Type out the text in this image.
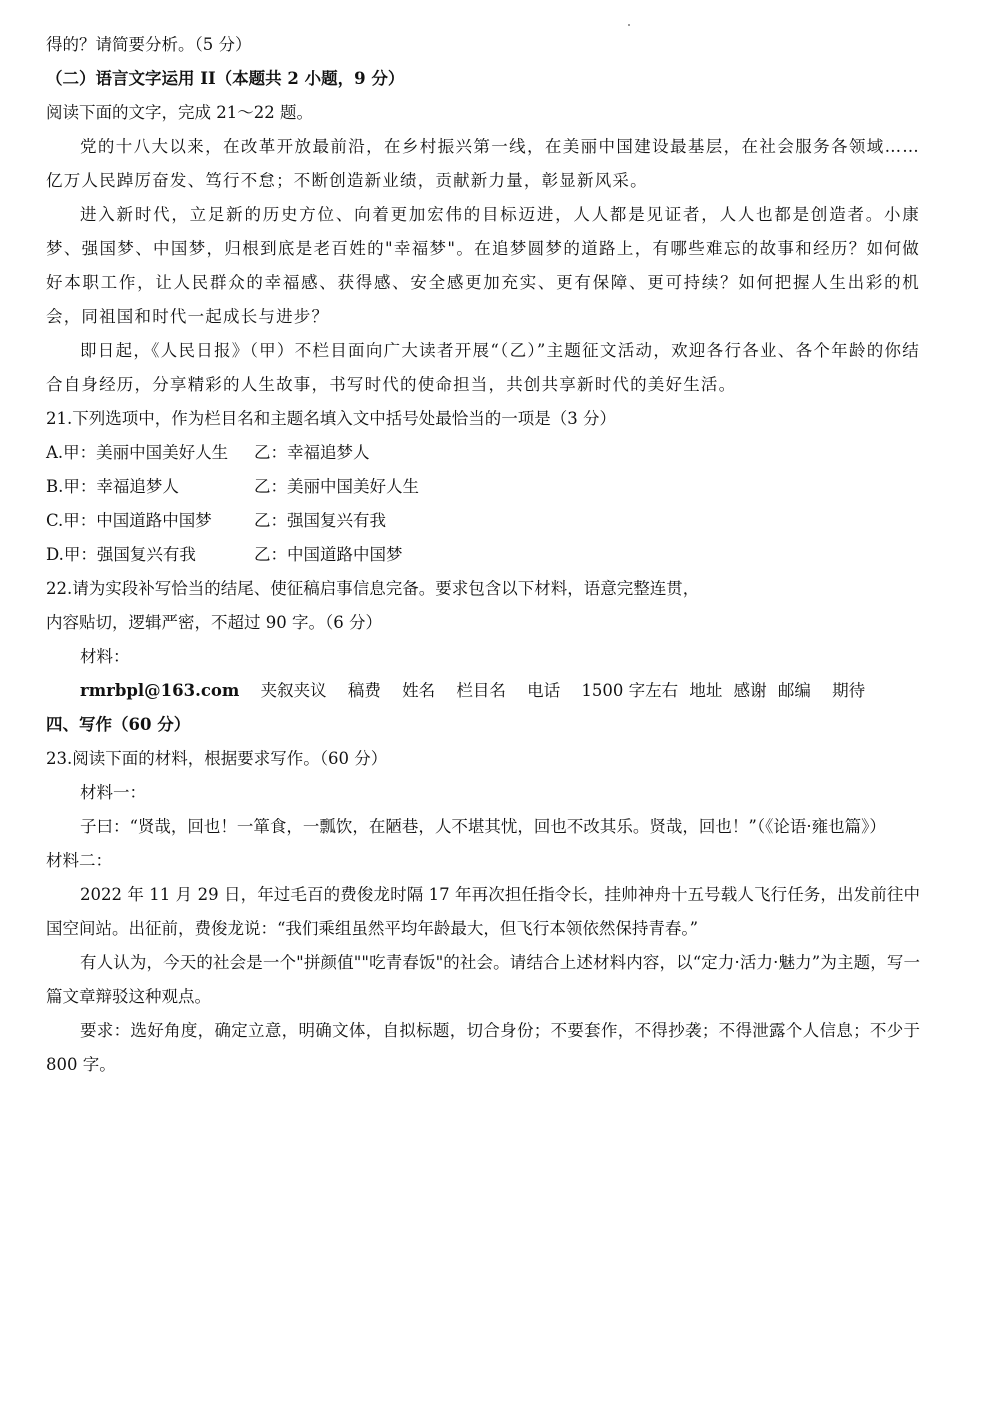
得的？请简要分析。（5 分）
（二）语言文字运用 II（本题共 2 小题，9 分）
阅读下面的文字，完成 21～22 题。
党的十八大以来，在改革开放最前沿，在乡村振兴第一线，在美丽中国建设最基层，在社会服务各领域……亿万人民踔厉奋发、笃行不怠；不断创造新业绩，贡献新力量，彰显新风采。
进入新时代，立足新的历史方位、向着更加宏伟的目标迈进，人人都是见证者，人人也都是创造者。小康梦、强国梦、中国梦，归根到底是老百姓的"幸福梦"。在追梦圆梦的道路上，有哪些难忘的故事和经历？如何做好本职工作，让人民群众的幸福感、获得感、安全感更加充实、更有保障、更可持续？如何把握人生出彩的机会，同祖国和时代一起成长与进步？
即日起，《人民日报》（甲）不栏目面向广大读者开展“（乙）”主题征文活动，欢迎各行各业、各个年龄的你结合自身经历，分享精彩的人生故事，书写时代的使命担当，共创共享新时代的美好生活。
21.下列选项中，作为栏目名和主题名填入文中括号处最恰当的一项是（3 分）
A.甲：美丽中国美好人生	乙：幸福追梦人
B.甲：幸福追梦人	乙：美丽中国美好人生
C.甲：中国道路中国梦	乙：强国复兴有我
D.甲：强国复兴有我	乙：中国道路中国梦
22.请为实段补写恰当的结尾、使征稿启事信息完备。要求包含以下材料，语意完整连贯，
内容贴切，逻辑严密，不超过 90 字。（6 分）
材料：
rmrbpl@163.com 夹叙夹议 稿费 姓名 栏目名 电话 1500 字左右 地址 感谢 邮编 期待
四、写作（60 分）
23.阅读下面的材料，根据要求写作。（60 分）
材料一：
子曰：“贤哉，回也！一箪食，一瓢饮，在陋巷，人不堪其忧，回也不改其乐。贤哉，回也！”（《论语·雍也篇》）
材料二：
2022 年 11 月 29 日，年过毛百的费俊龙时隔 17 年再次担任指令长，挂帅神舟十五号载人飞行任务，出发前往中国空间站。出征前，费俊龙说：“我们乘组虽然平均年龄最大，但飞行本领依然保持青春。”
有人认为，今天的社会是一个"拼颜值""吃青春饭"的社会。请结合上述材料内容，以“定力·活力·魅力”为主题，写一篇文章辩驳这种观点。
要求：选好角度，确定立意，明确文体，自拟标题，切合身份；不要套作，不得抄袭；不得泄露个人信息；不少于 800 字。
